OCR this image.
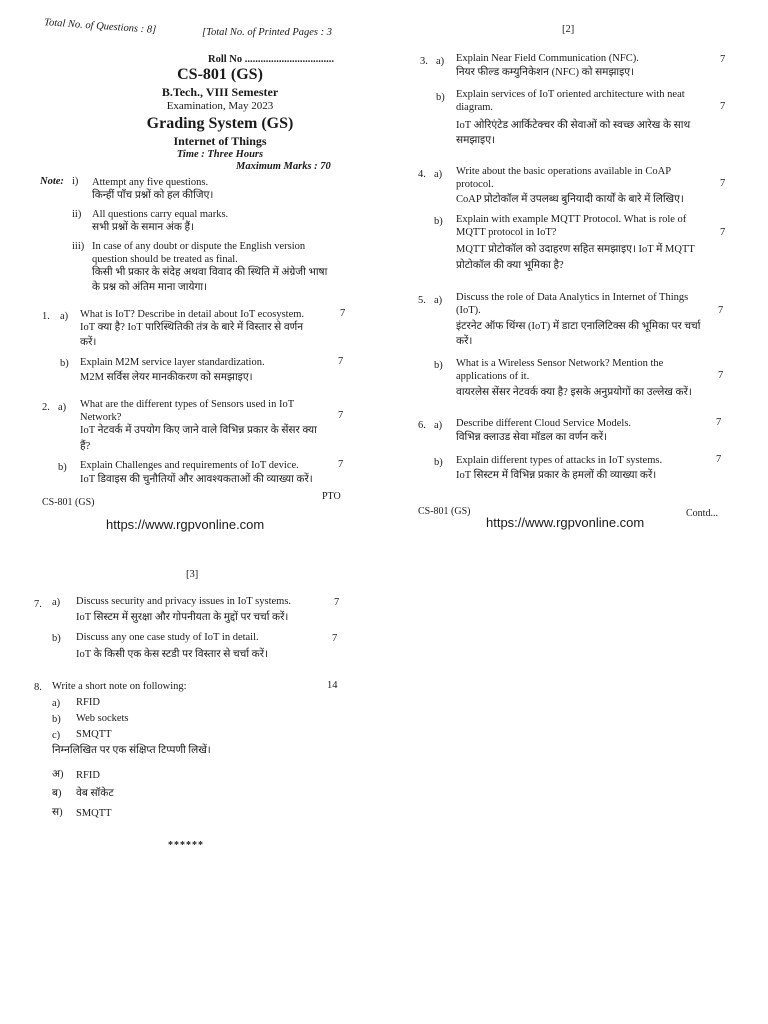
Total No. of Questions : 8]	[Total No. of Printed Pages : 3
Roll No ..................................
CS-801 (GS)
B.Tech., VIII Semester
Examination, May 2023
Grading System (GS)
Internet of Things
Time : Three Hours
Maximum Marks : 70
Note: i) Attempt any five questions.
किन्हीं पाँच प्रश्नों को हल कीजिए।
ii) All questions carry equal marks.
सभी प्रश्नों के समान अंक हैं।
iii) In case of any doubt or dispute the English version
question should be treated as final.
किसी भी प्रकार के संदेह अथवा विवाद की स्थिति में अंग्रेजी भाषा
के प्रश्न को अंतिम माना जायेगा।
1. a) What is IoT? Describe in detail about IoT ecosystem.	7
IoT क्या है? IoT पारिस्थितिकी तंत्र के बारे में विस्तार से वर्णन
करें।
b) Explain M2M service layer standardization.	7
M2M सर्विस लेयर मानकीकरण को समझाइए।
2. a) What are the different types of Sensors used in IoT
Network?	7
IoT नेटवर्क में उपयोग किए जाने वाले विभिन्न प्रकार के सेंसर क्या
हैं?
b) Explain Challenges and requirements of IoT device.	7
IoT डिवाइस की चुनौतियों और आवश्यकताओं की व्याख्या करें।
CS-801 (GS)
PTO
https://www.rgpvonline.com
[2]
3. a) Explain Near Field Communication (NFC).	7
नियर फील्ड कम्युनिकेशन (NFC) को समझाइए।
b) Explain services of IoT oriented architecture with neat
diagram.	7
IoT ओरिएंटेड आर्किटेक्चर की सेवाओं को स्वच्छ आरेख के साथ
समझाइए।
4. a) Write about the basic operations available in CoAP
protocol.	7
CoAP प्रोटोकॉल में उपलब्ध बुनियादी कार्यों के बारे में लिखिए।
b) Explain with example MQTT Protocol. What is role of
MQTT protocol in IoT?	7
MQTT प्रोटोकॉल को उदाहरण सहित समझाइए। IoT में MQTT
प्रोटोकॉल की क्या भूमिका है?
5. a) Discuss the role of Data Analytics in Internet of Things
(IoT).	7
इंटरनेट ऑफ थिंग्स (IoT) में डाटा एनालिटिक्स की भूमिका पर चर्चा
करें।
b) What is a Wireless Sensor Network? Mention the
applications of it.	7
वायरलेस सेंसर नेटवर्क क्या है? इसके अनुप्रयोगों का उल्लेख करें।
6. a) Describe different Cloud Service Models.	7
विभिन्न क्लाउड सेवा मॉडल का वर्णन करें।
b) Explain different types of attacks in IoT systems.	7
IoT सिस्टम में विभिन्न प्रकार के हमलों की व्याख्या करें।
CS-801 (GS)	Contd...
https://www.rgpvonline.com
[3]
7. a) Discuss security and privacy issues in IoT systems.	7
IoT सिस्टम में सुरक्षा और गोपनीयता के मुद्दों पर चर्चा करें।
b) Discuss any one case study of IoT in detail.	7
IoT के किसी एक केस स्टडी पर विस्तार से चर्चा करें।
8. Write a short note on following:	14
a) RFID
b) Web sockets
c) SMQTT
निम्नलिखित पर एक संक्षिप्त टिप्पणी लिखें।
अ) RFID
ब) वेब सॉकेट
स) SMQTT
******
